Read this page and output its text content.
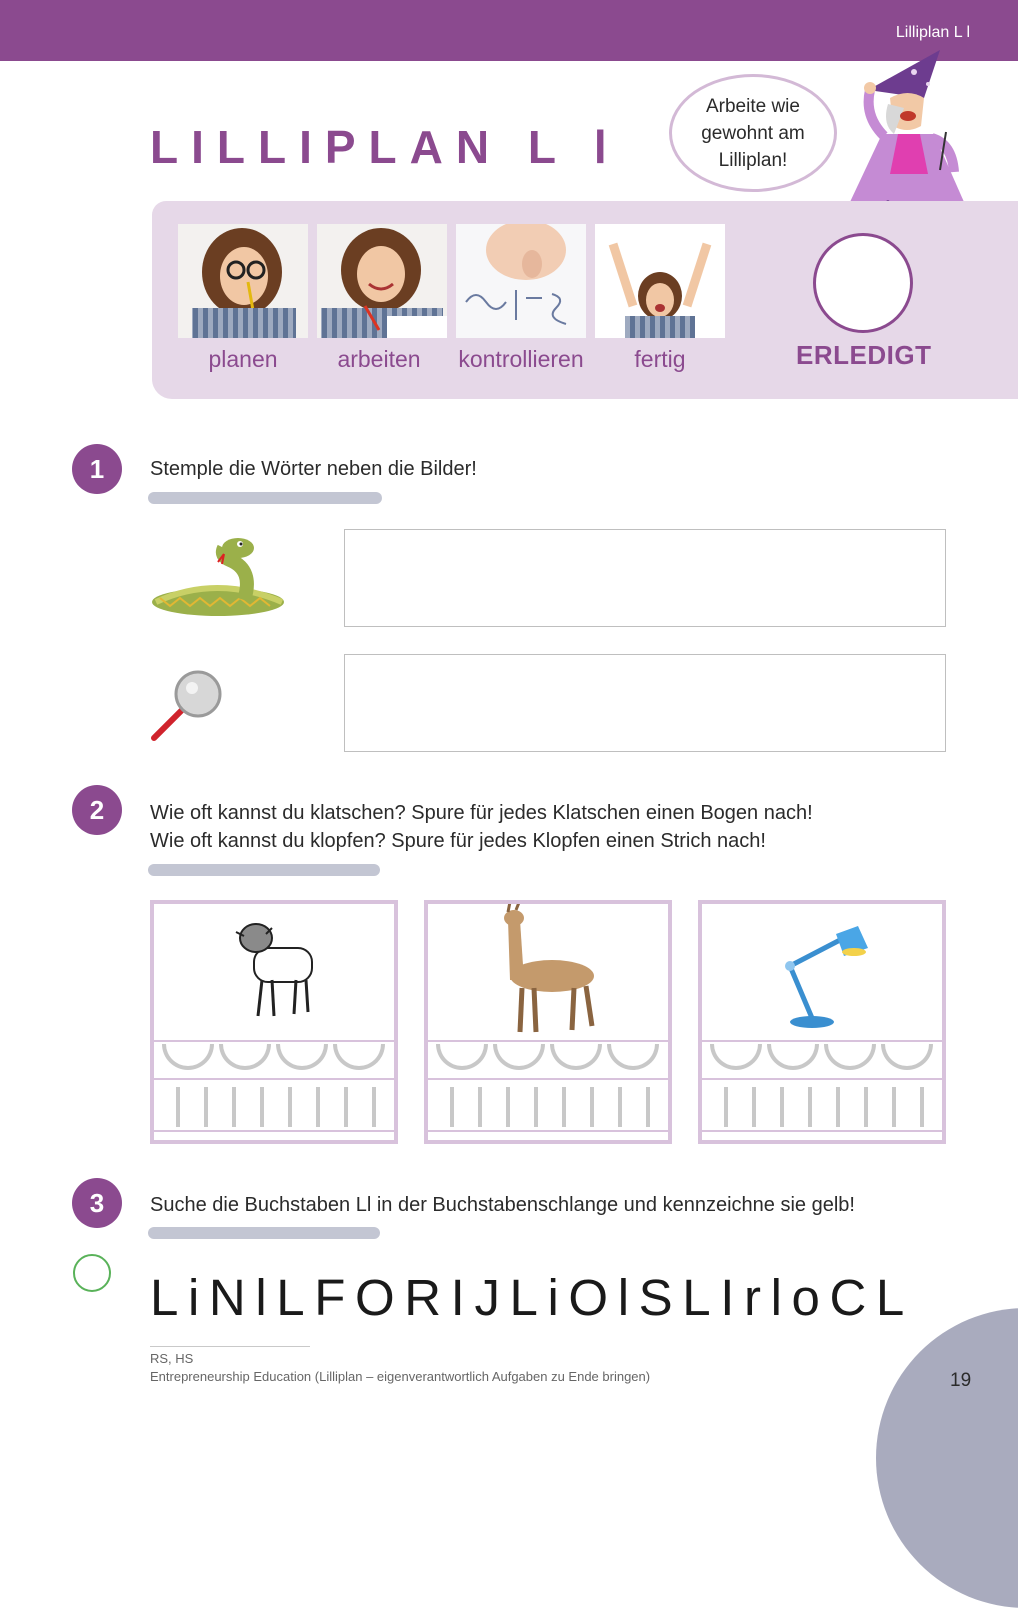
Lilliplan L l
LILLIPLAN L l
Arbeite wie
gewohnt am
Lilliplan!
planen	arbeiten	kontrollieren	fertig	ERLEDIGT
1	Stemple die Wörter neben die Bilder!
2	Wie oft kannst du klatschen? Spure für jedes Klatschen einen Bogen nach!
Wie oft kannst du klopfen? Spure für jedes Klopfen einen Strich nach!
3	Suche die Buchstaben Ll in der Buchstabenschlange und kennzeichne sie gelb!
LiNlLFORIJLiOlSLIrloCL
RS, HS
Entrepreneurship Education (Lilliplan – eigenverantwortlich Aufgaben zu Ende bringen)	19
